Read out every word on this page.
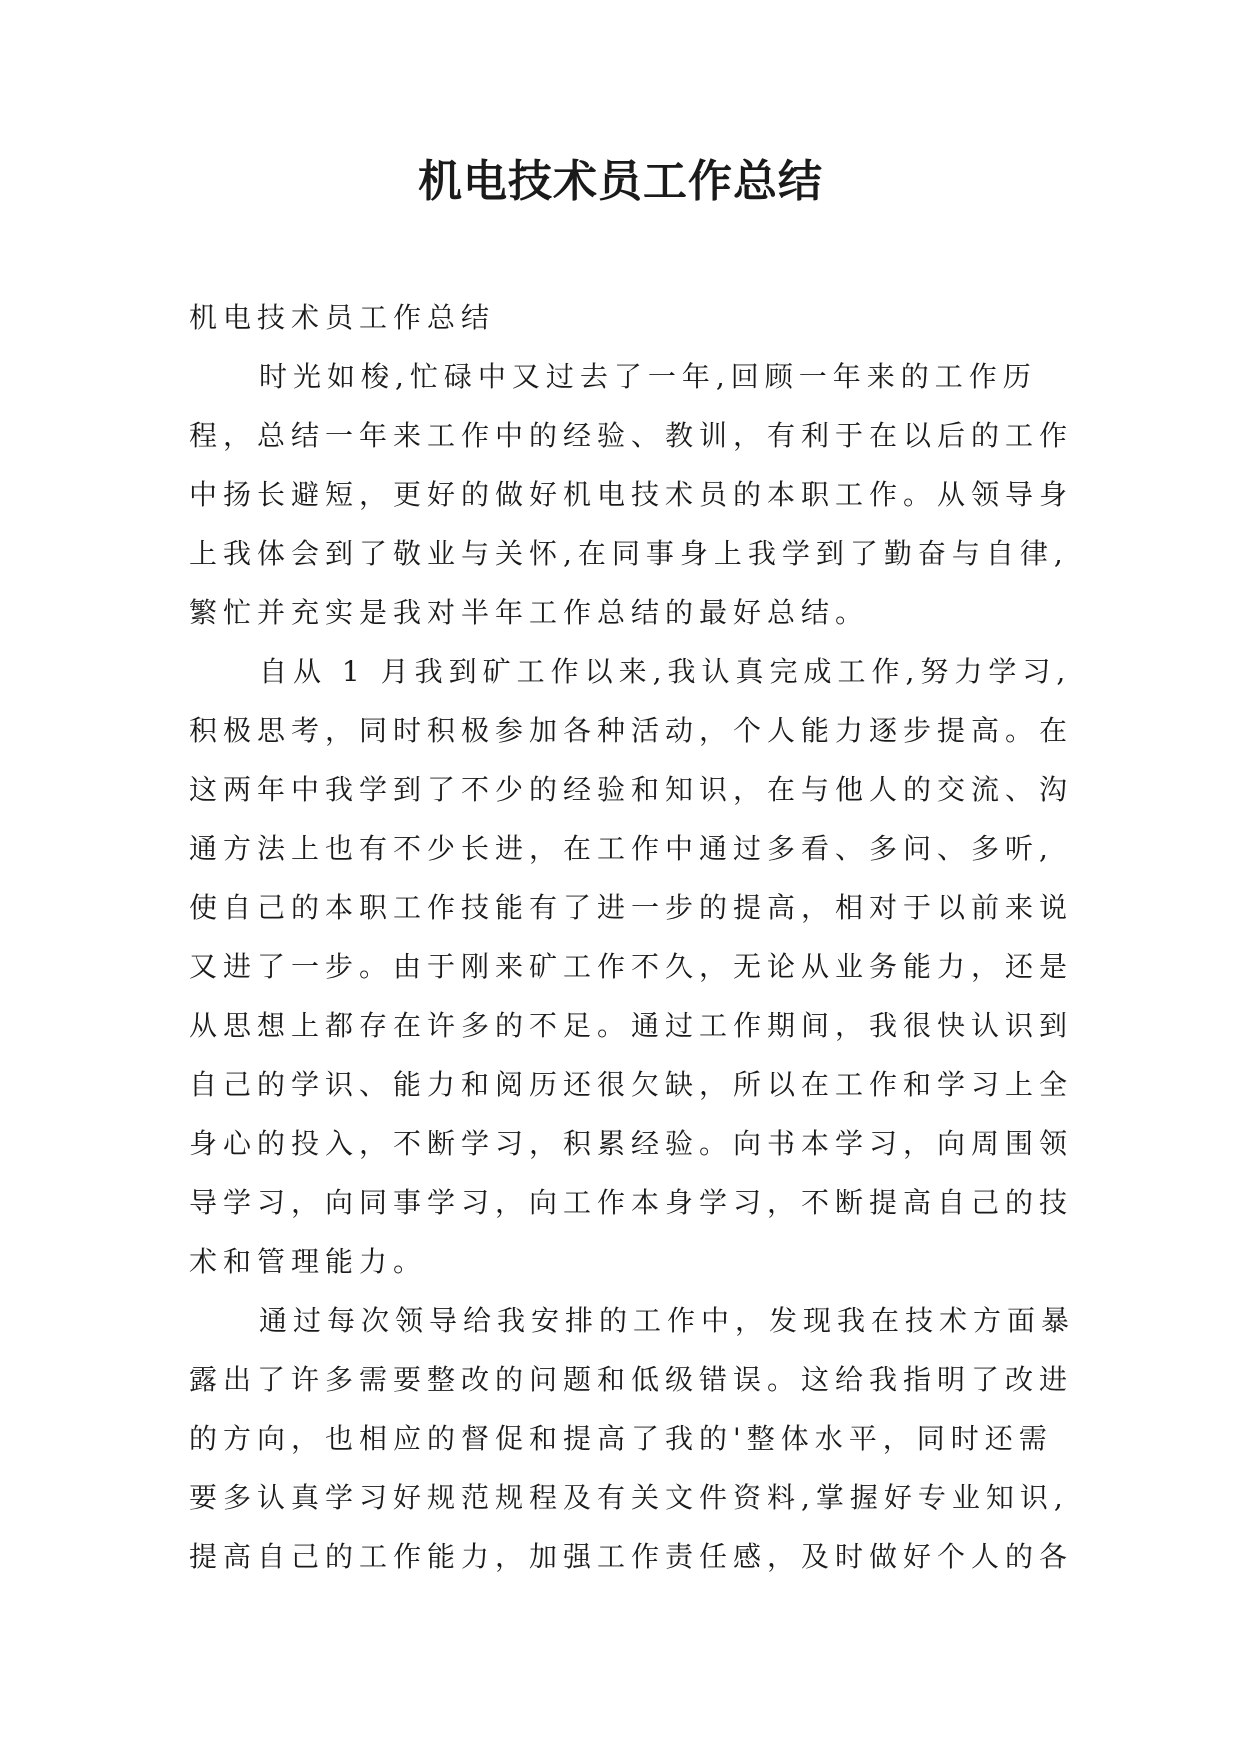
机电技术员工作总结
机电技术员工作总结
时光如梭,忙碌中又过去了一年,回顾一年来的工作历
程，总结一年来工作中的经验、教训，有利于在以后的工作
中扬长避短，更好的做好机电技术员的本职工作。从领导身
上我体会到了敬业与关怀,在同事身上我学到了勤奋与自律,
繁忙并充实是我对半年工作总结的最好总结。
自从 1 月我到矿工作以来,我认真完成工作,努力学习,
积极思考，同时积极参加各种活动，个人能力逐步提高。在
这两年中我学到了不少的经验和知识，在与他人的交流、沟
通方法上也有不少长进，在工作中通过多看、多问、多听,
使自己的本职工作技能有了进一步的提高，相对于以前来说
又进了一步。由于刚来矿工作不久，无论从业务能力，还是
从思想上都存在许多的不足。通过工作期间，我很快认识到
自己的学识、能力和阅历还很欠缺，所以在工作和学习上全
身心的投入，不断学习，积累经验。向书本学习，向周围领
导学习，向同事学习，向工作本身学习，不断提高自己的技
术和管理能力。
通过每次领导给我安排的工作中，发现我在技术方面暴
露出了许多需要整改的问题和低级错误。这给我指明了改进
的方向，也相应的督促和提高了我的'整体水平，同时还需
要多认真学习好规范规程及有关文件资料,掌握好专业知识,
提高自己的工作能力，加强工作责任感，及时做好个人的各
